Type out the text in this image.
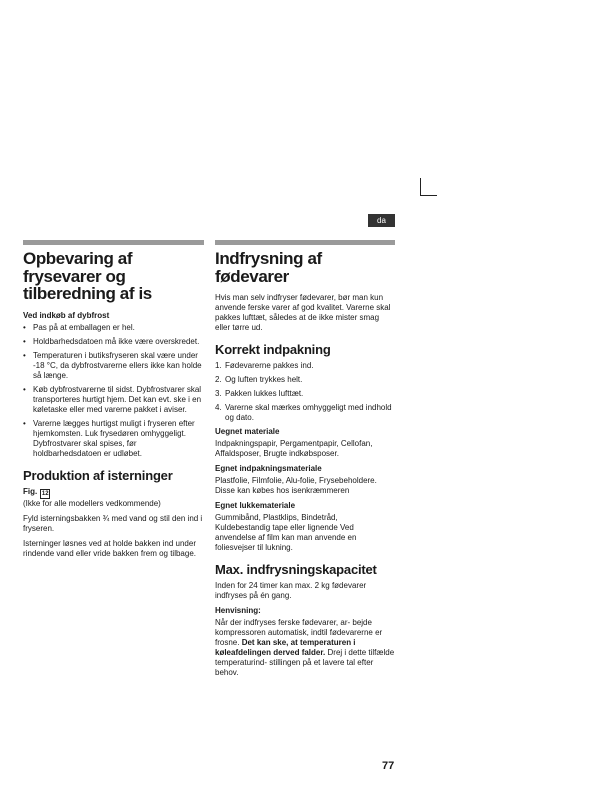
da
Opbevaring af frysevarer og tilberedning af is
Ved indkøb af dybfrost
• Pas på at emballagen er hel.
• Holdbarhedsdatoen må ikke være overskredet.
• Temperaturen i butiksfryseren skal være under -18 °C, da dybfrostvarerne ellers ikke kan holde så længe.
• Køb dybfrostvarerne til sidst. Dybfrostvarer skal transporteres hurtigt hjem. Det kan evt. ske i en køletaske eller med varerne pakket i aviser.
• Varerne lægges hurtigst muligt i fryseren efter hjemkomsten. Luk frysedøren omhyggeligt. Dybfrostvarer skal spises, før holdbarhedsdatoen er udløbet.
Produktion af isterninger

Fig. 12

(Ikke for alle modellers vedkommende)

Fyld isterningsbakken ¾ med vand og stil den ind i fryseren.

Isterninger løsnes ved at holde bakken ind under rindende vand eller vride bakken frem og tilbage.

Indfrysning af fødevarer

Hvis man selv indfryser fødevarer, bør man kun anvende ferske varer af god kvalitet. Varerne skal pakkes lufttæt, således at de ikke mister smag eller tørre ud.

Korrekt indpakning
1. Fødevarerne pakkes ind.
2. Og luften trykkes helt.
3. Pakken lukkes lufttæt.
4. Varerne skal mærkes omhyggeligt med indhold og dato.
Uegnet materiale

Indpakningspapir, Pergamentpapir, Cellofan, Affaldsposer, Brugte indkøbsposer.

Egnet indpakningsmateriale

Plastfolie, Filmfolie, Alu-folie, Frysebeholdere. Disse kan købes hos isenkræmmeren

Egnet lukkemateriale

Gummibånd, Plastklips, Bindetråd, Kuldebestandig tape eller lignende Ved anvendelse af film kan man anvende en foliesvejser til lukning.

Max. indfrysningskapacitet

Inden for 24 timer kan max. 2 kg fødevarer indfryses på én gang.

Henvisning:

Når der indfryses ferske fødevarer, ar- bejde kompressoren automatisk, indtil fødevarerne er frosne. Det kan ske, at temperaturen i køleafdelingen derved falder. Drej i dette tilfælde temperaturind- stillingen på et lavere tal efter behov.

77
